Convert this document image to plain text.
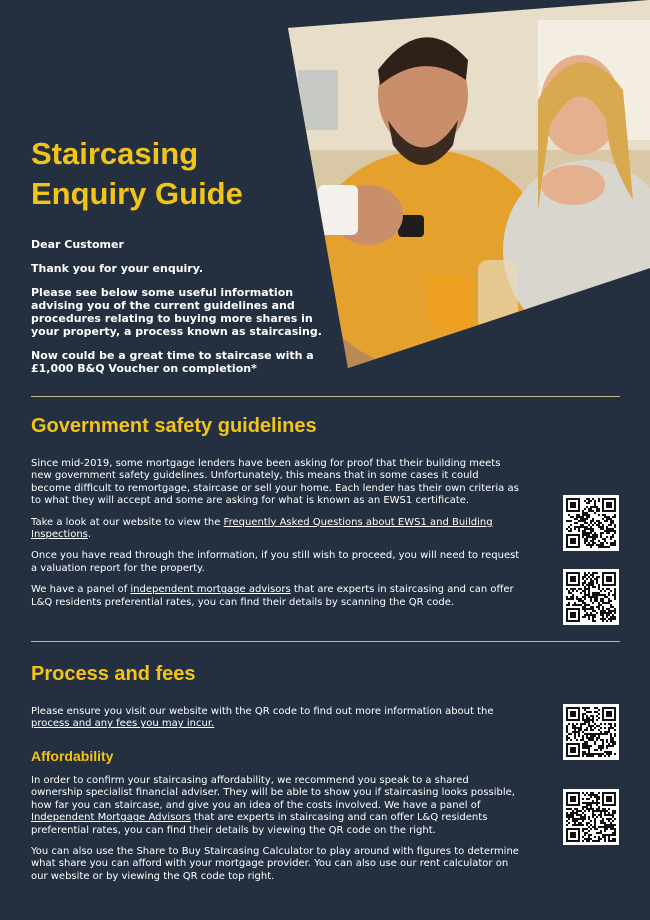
Staircasing
Enquiry Guide

Dear Customer

Thank you for your enquiry.

Please see below some useful information advising you of the current guidelines and procedures relating to buying more shares in your property, a process known as staircasing.

Now could be a great time to staircase with a £1,000 B&Q Voucher on completion*

Government safety guidelines

Since mid-2019, some mortgage lenders have been asking for proof that their building meets new government safety guidelines. Unfortunately, this means that in some cases it could become difficult to remortgage, staircase or sell your home. Each lender has their own criteria as to what they will accept and some are asking for what is known as an EWS1 certificate.

Take a look at our website to view the Frequently Asked Questions about EWS1 and Building Inspections.

Once you have read through the information, if you still wish to proceed, you will need to request a valuation report for the property.

We have a panel of independent mortgage advisors that are experts in staircasing and can offer L&Q residents preferential rates, you can find their details by scanning the QR code.

Process and fees

Please ensure you visit our website with the QR code to find out more information about the process and any fees you may incur.

Affordability

In order to confirm your staircasing affordability, we recommend you speak to a shared ownership specialist financial adviser. They will be able to show you if staircasing looks possible, how far you can staircase, and give you an idea of the costs involved. We have a panel of Independent Mortgage Advisors that are experts in staircasing and can offer L&Q residents preferential rates, you can find their details by viewing the QR code on the right.

You can also use the Share to Buy Staircasing Calculator to play around with figures to determine what share you can afford with your mortgage provider. You can also use our rent calculator on our website or by viewing the QR code top right.
